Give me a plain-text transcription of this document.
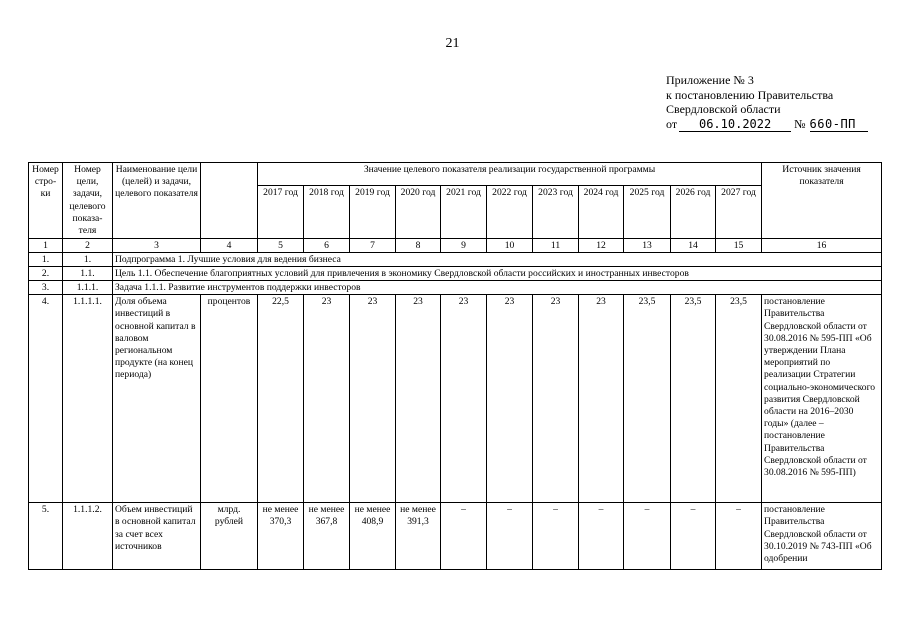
21
Приложение № 3
к постановлению Правительства
Свердловской области
от 06.10.2022 № 660-ПП
Номер стро-ки	Номер цели, задачи, целевого показа-теля	Наименование цели (целей) и задачи, целевого показателя		Значение целевого показателя реализации государственной программы											Источник значения показателя
				2017 год	2018 год	2019 год	2020 год	2021 год	2022 год	2023 год	2024 год	2025 год	2026 год	2027 год	
1	2	3	4	5	6	7	8	9	10	11	12	13	14	15	16
1.	1.	Подпрограмма 1. Лучшие условия для ведения бизнеса													
2.	1.1.	Цель 1.1. Обеспечение благоприятных условий для привлечения в экономику Свердловской области российских и иностранных инвесторов													
3.	1.1.1.	Задача 1.1.1. Развитие инструментов поддержки инвесторов													
4.	1.1.1.1.	Доля объема инвестиций в основной капитал в валовом региональном продукте (на конец периода)	процентов	22,5	23	23	23	23	23	23	23	23,5	23,5	23,5	постановление Правительства Свердловской области от 30.08.2016 № 595-ПП «Об утверждении Плана мероприятий по реализации Стратегии социально-экономического развития Свердловской области на 2016–2030 годы» (далее – постановление Правительства Свердловской области от 30.08.2016 № 595-ПП)
5.	1.1.1.2.	Объем инвестиций в основной капитал за счет всех источников	млрд. рублей	не менее 370,3	не менее 367,8	не менее 408,9	не менее 391,3	–	–	–	–	–	–	–	постановление Правительства Свердловской области от 30.10.2019 № 743-ПП «Об одобрении
